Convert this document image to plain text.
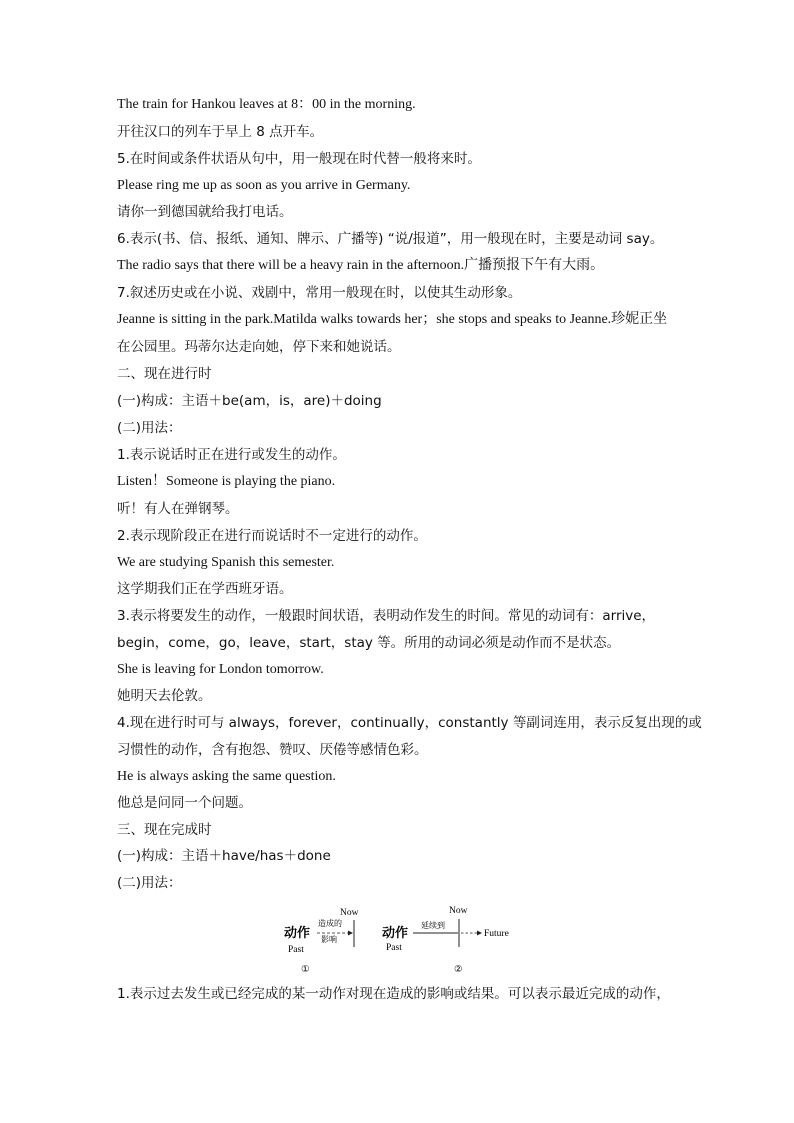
The train for Hankou leaves at 8：00 in the morning.
开往汉口的列车于早上 8 点开车。
5.在时间或条件状语从句中，用一般现在时代替一般将来时。
Please ring me up as soon as you arrive in Germany.
请你一到德国就给我打电话。
6.表示(书、信、报纸、通知、牌示、广播等) “说/报道”，用一般现在时，主要是动词 say。
The radio says that there will be a heavy rain in the afternoon.广播预报下午有大雨。
7.叙述历史或在小说、戏剧中，常用一般现在时，以使其生动形象。
Jeanne is sitting in the park.Matilda walks towards her；she stops and speaks to Jeanne.珍妮正坐
在公园里。玛蒂尔达走向她，停下来和她说话。
二、现在进行时
(一)构成：主语＋be(am，is，are)＋doing
(二)用法：
1.表示说话时正在进行或发生的动作。
Listen！Someone is playing the piano.
听！有人在弹钢琴。
2.表示现阶段正在进行而说话时不一定进行的动作。
We are studying Spanish this semester.
这学期我们正在学西班牙语。
3.表示将要发生的动作，一般跟时间状语，表明动作发生的时间。常见的动词有：arrive，
begin，come，go，leave，start，stay 等。所用的动词必须是动作而不是状态。
She is leaving for London tomorrow.
她明天去伦敦。
4.现在进行时可与 always，forever，continually，constantly 等副词连用，表示反复出现的或
习惯性的动作，含有抱怨、赞叹、厌倦等感情色彩。
He is always asking the same question.
他总是问同一个问题。
三、现在完成时
(一)构成：主语＋have/has＋done
(二)用法：
动作
Past
Now
造成的
影响
①
动作
Past
Now
延续到
Future
②
1.表示过去发生或已经完成的某一动作对现在造成的影响或结果。可以表示最近完成的动作，
